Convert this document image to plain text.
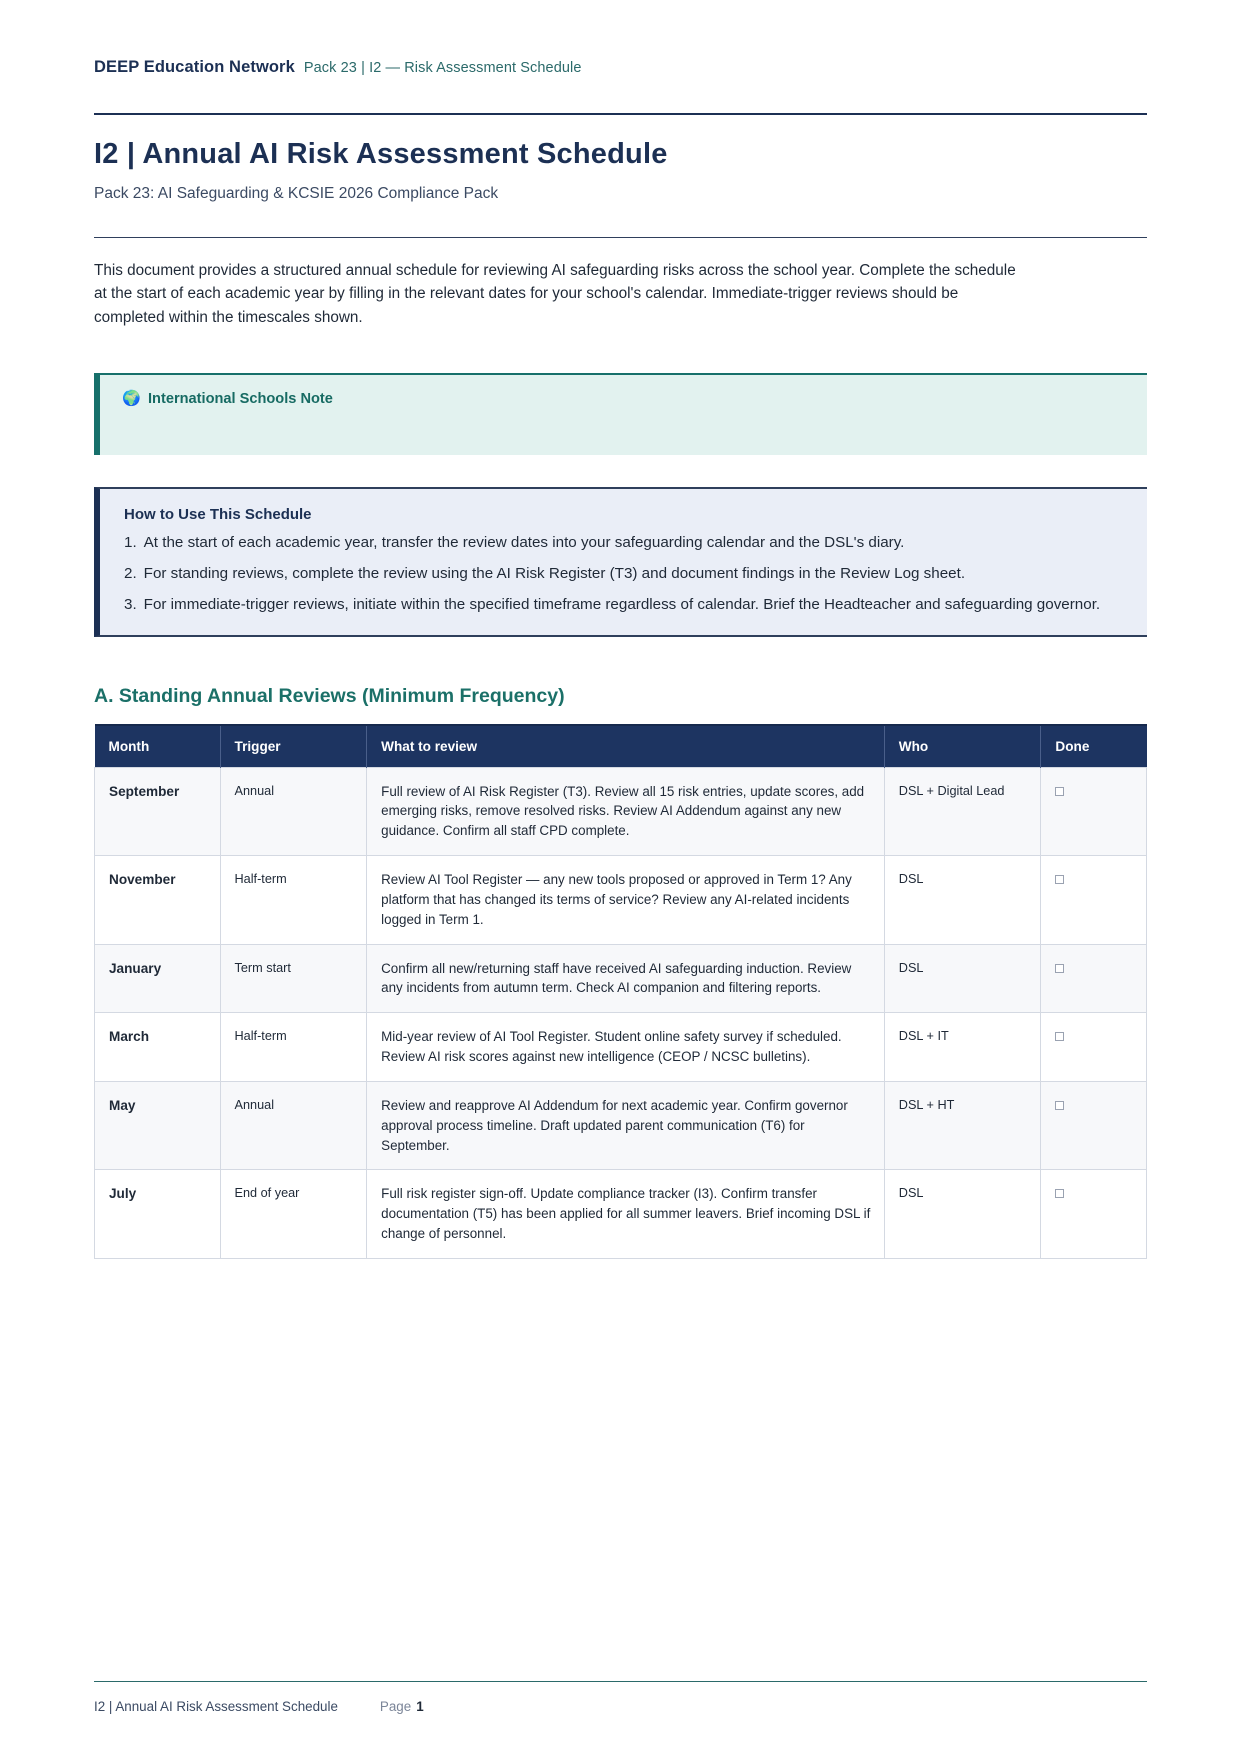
DEEP Education Network Pack 23 | I2 — Risk Assessment Schedule
I2 | Annual AI Risk Assessment Schedule
Pack 23: AI Safeguarding & KCSIE 2026 Compliance Pack

This document provides a structured annual schedule for reviewing AI safeguarding risks across the school year. Complete the schedule at the start of each academic year by filling in the relevant dates for your school's calendar. Immediate-trigger reviews should be completed within the timescales shown.

🌍 International Schools Note
How to Use This Schedule
1. At the start of each academic year, transfer the review dates into your safeguarding calendar and the DSL's diary.
2. For standing reviews, complete the review using the AI Risk Register (T3) and document findings in the Review Log sheet.
3. For immediate-trigger reviews, initiate within the specified timeframe regardless of calendar. Brief the Headteacher and safeguarding governor.
A. Standing Annual Reviews (Minimum Frequency)
Month	Trigger	What to review	Who	Done
September	Annual	Full review of AI Risk Register (T3). Review all 15 risk entries, update scores, add emerging risks, remove resolved risks. Review AI Addendum against any new guidance. Confirm all staff CPD complete.	DSL + Digital Lead	
November	Half-term	Review AI Tool Register — any new tools proposed or approved in Term 1? Any platform that has changed its terms of service? Review any AI-related incidents logged in Term 1.	DSL	
January	Term start	Confirm all new/returning staff have received AI safeguarding induction. Review any incidents from autumn term. Check AI companion and filtering reports.	DSL	
March	Half-term	Mid-year review of AI Tool Register. Student online safety survey if scheduled. Review AI risk scores against new intelligence (CEOP / NCSC bulletins).	DSL + IT	
May	Annual	Review and reapprove AI Addendum for next academic year. Confirm governor approval process timeline. Draft updated parent communication (T6) for September.	DSL + HT	
July	End of year	Full risk register sign-off. Update compliance tracker (I3). Confirm transfer documentation (T5) has been applied for all summer leavers. Brief incoming DSL if change of personnel.	DSL	
I2 | Annual AI Risk Assessment Schedule	Page 1
